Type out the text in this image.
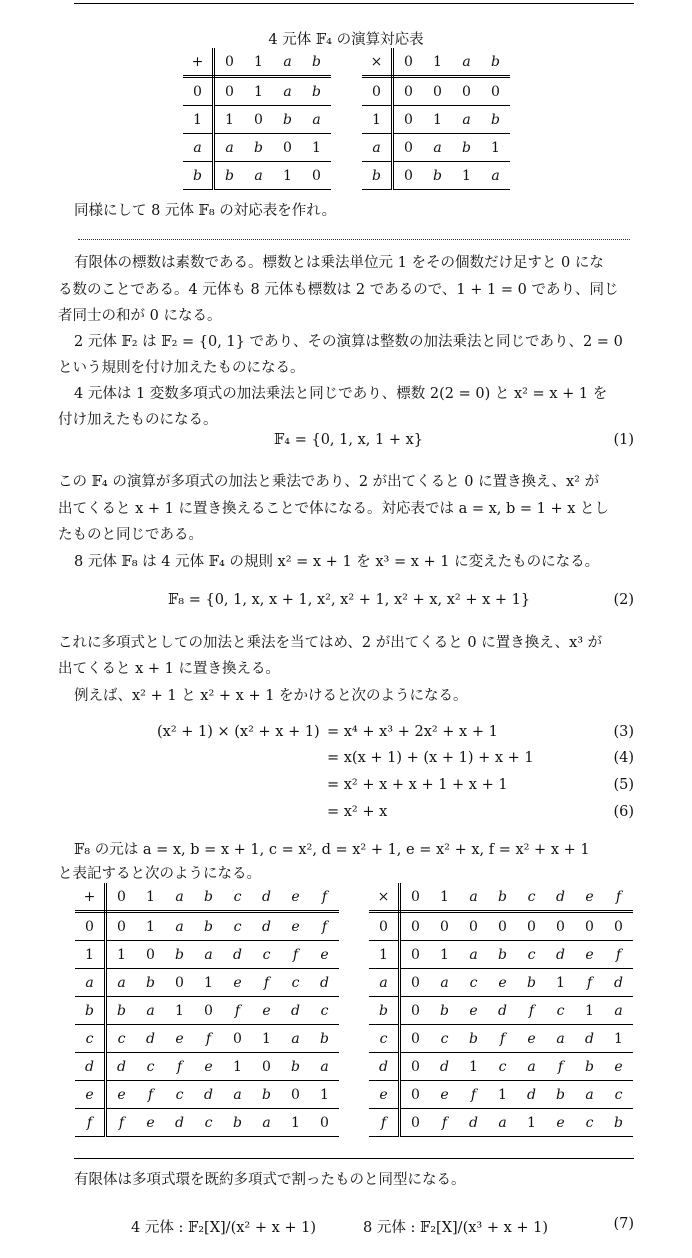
4 元体 𝔽₄ の演算対応表
+	0	1	a	b
0	0	1	a	b
1	1	0	b	a
a	a	b	0	1
b	b	a	1	0
×	0	1	a	b
0	0	0	0	0
1	0	1	a	b
a	0	a	b	1
b	0	b	1	a
同様にして 8 元体 𝔽₈ の対応表を作れ。
有限体の標数は素数である。標数とは乗法単位元 1 をその個数だけ足すと 0 にな
る数のことである。4 元体も 8 元体も標数は 2 であるので、1 + 1 = 0 であり、同じ
者同士の和が 0 になる。
2 元体 𝔽₂ は 𝔽₂ = {0, 1} であり、その演算は整数の加法乗法と同じであり、2 = 0
という規則を付け加えたものになる。
4 元体は 1 変数多項式の加法乗法と同じであり、標数 2(2 = 0) と x² = x + 1 を
付け加えたものになる。
𝔽₄ = {0, 1, x, 1 + x}	(1)
この 𝔽₄ の演算が多項式の加法と乗法であり、2 が出てくると 0 に置き換え、x² が
出てくると x + 1 に置き換えることで体になる。対応表では a = x, b = 1 + x とし
たものと同じである。
8 元体 𝔽₈ は 4 元体 𝔽₄ の規則 x² = x + 1 を x³ = x + 1 に変えたものになる。
𝔽₈ = {0, 1, x, x + 1, x², x² + 1, x² + x, x² + x + 1}	(2)
これに多項式としての加法と乗法を当てはめ、2 が出てくると 0 に置き換え、x³ が
出てくると x + 1 に置き換える。
例えば、x² + 1 と x² + x + 1 をかけると次のようになる。
(x² + 1) × (x² + x + 1) = x⁴ + x³ + 2x² + x + 1	(3)
= x(x + 1) + (x + 1) + x + 1	(4)
= x² + x + x + 1 + x + 1	(5)
= x² + x	(6)
𝔽₈ の元は a = x, b = x + 1, c = x², d = x² + 1, e = x² + x, f = x² + x + 1
と表記すると次のようになる。
+	0	1	a	b	c	d	e	f
0	0	1	a	b	c	d	e	f
1	1	0	b	a	d	c	f	e
a	a	b	0	1	e	f	c	d
b	b	a	1	0	f	e	d	c
c	c	d	e	f	0	1	a	b
d	d	c	f	e	1	0	b	a
e	e	f	c	d	a	b	0	1
f	f	e	d	c	b	a	1	0
×	0	1	a	b	c	d	e	f
0	0	0	0	0	0	0	0	0
1	0	1	a	b	c	d	e	f
a	0	a	c	e	b	1	f	d
b	0	b	e	d	f	c	1	a
c	0	c	b	f	e	a	d	1
d	0	d	1	c	a	f	b	e
e	0	e	f	1	d	b	a	c
f	0	f	d	a	1	e	c	b
有限体は多項式環を既約多項式で割ったものと同型になる。
4 元体 : 𝔽₂[X]/(x² + x + 1)	8 元体 : 𝔽₂[X]/(x³ + x + 1)	(7)
